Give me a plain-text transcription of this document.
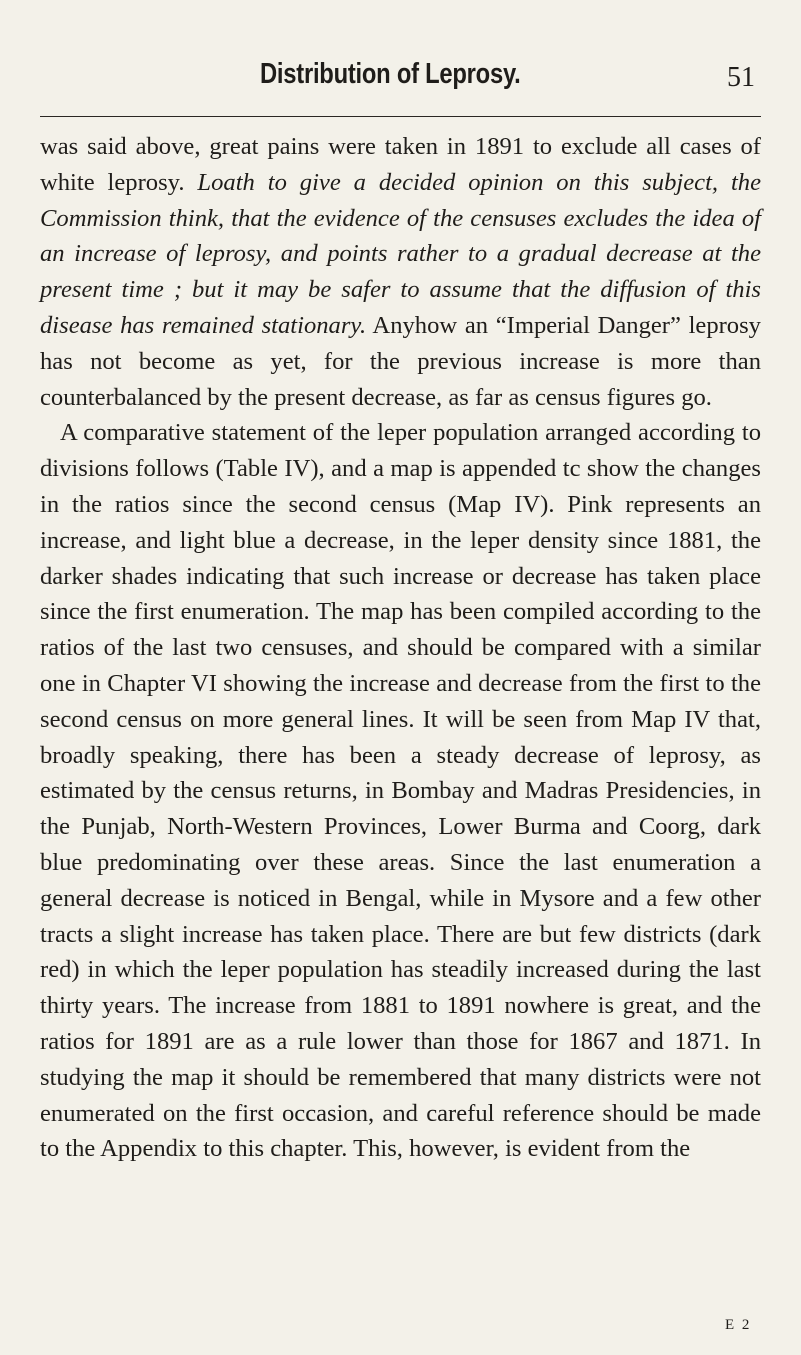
Distribution of Leprosy.	51

was said above, great pains were taken in 1891 to exclude all cases of white leprosy. Loath to give a decided opinion on this subject, the Commission think, that the evidence of the censuses excludes the idea of an increase of leprosy, and points rather to a gradual decrease at the present time ; but it may be safer to assume that the diffusion of this disease has remained stationary. Anyhow an “Imperial Danger” leprosy has not become as yet, for the previous increase is more than counterbalanced by the present decrease, as far as census figures go.

A comparative statement of the leper population arranged according to divisions follows (Table IV), and a map is appended tc show the changes in the ratios since the second census (Map IV). Pink represents an increase, and light blue a decrease, in the leper density since 1881, the darker shades indicating that such increase or decrease has taken place since the first enumeration. The map has been compiled according to the ratios of the last two censuses, and should be compared with a similar one in Chapter VI showing the increase and decrease from the first to the second census on more general lines. It will be seen from Map IV that, broadly speaking, there has been a steady decrease of leprosy, as estimated by the census returns, in Bombay and Madras Presidencies, in the Punjab, North-Western Provinces, Lower Burma and Coorg, dark blue predominating over these areas. Since the last enumeration a general decrease is noticed in Bengal, while in Mysore and a few other tracts a slight increase has taken place. There are but few districts (dark red) in which the leper population has steadily increased during the last thirty years. The increase from 1881 to 1891 nowhere is great, and the ratios for 1891 are as a rule lower than those for 1867 and 1871. In studying the map it should be remembered that many districts were not enumerated on the first occasion, and careful reference should be made to the Appendix to this chapter. This, however, is evident from the

E 2
